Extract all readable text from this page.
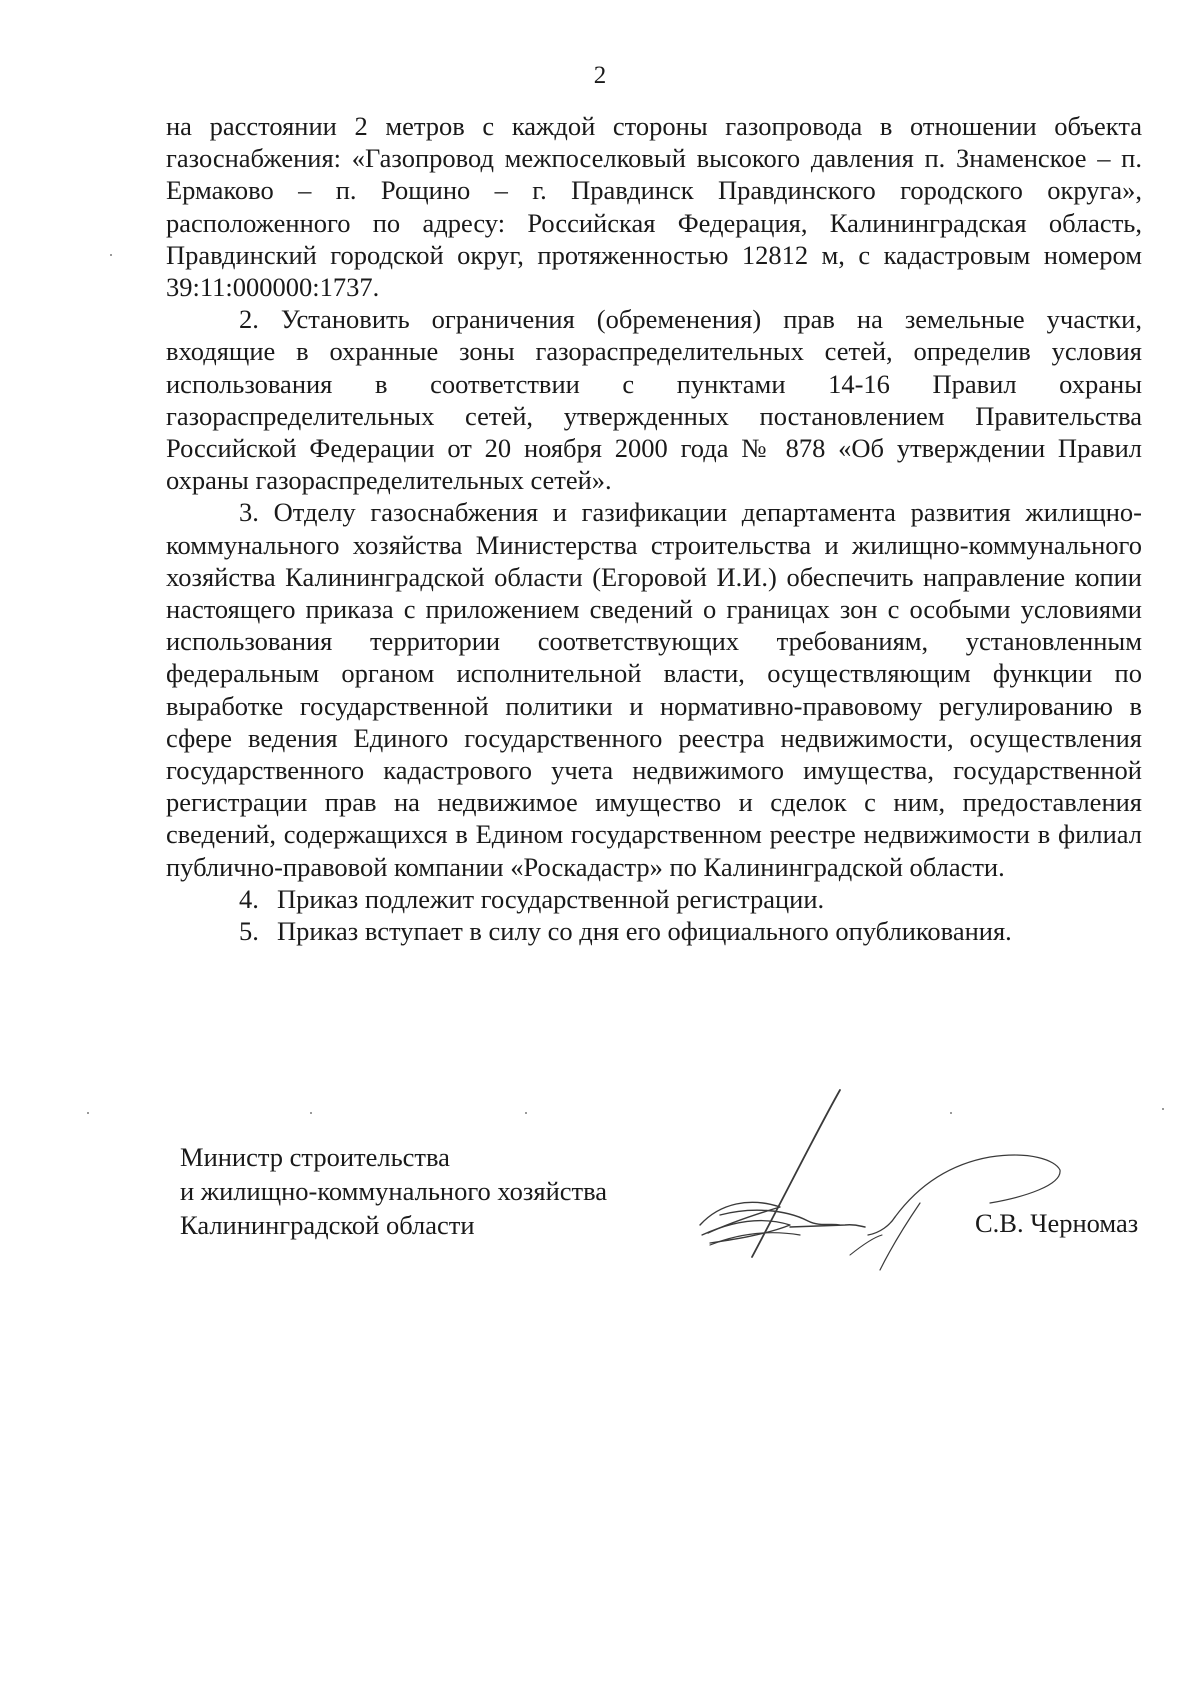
2

на расстоянии 2 метров с каждой стороны газопровода в отношении объекта газоснабжения: «Газопровод межпоселковый высокого давления п. Знаменское – п. Ермаково – п. Рощино – г. Правдинск Правдинского городского округа», расположенного по адресу: Российская Федерация, Калининградская область, Правдинский городской округ, протяженностью 12812 м, с кадастровым номером 39:11:000000:1737.

2. Установить ограничения (обременения) прав на земельные участки, входящие в охранные зоны газораспределительных сетей, определив условия использования в соответствии с пунктами 14-16 Правил охраны газораспределительных сетей, утвержденных постановлением Правительства Российской Федерации от 20 ноября 2000 года № 878 «Об утверждении Правил охраны газораспределительных сетей».

3. Отделу газоснабжения и газификации департамента развития жилищно-коммунального хозяйства Министерства строительства и жилищно-коммунального хозяйства Калининградской области (Егоровой И.И.) обеспечить направление копии настоящего приказа с приложением сведений о границах зон с особыми условиями использования территории соответствующих требованиям, установленным федеральным органом исполнительной власти, осуществляющим функции по выработке государственной политики и нормативно-правовому регулированию в сфере ведения Единого государственного реестра недвижимости, осуществления государственного кадастрового учета недвижимого имущества, государственной регистрации прав на недвижимое имущество и сделок с ним, предоставления сведений, содержащихся в Едином государственном реестре недвижимости в филиал публично-правовой компании «Роскадастр» по Калининградской области.

4. Приказ подлежит государственной регистрации.

5. Приказ вступает в силу со дня его официального опубликования.

Министр строительства
и жилищно-коммунального хозяйства
Калининградской области	С.В. Черномаз
